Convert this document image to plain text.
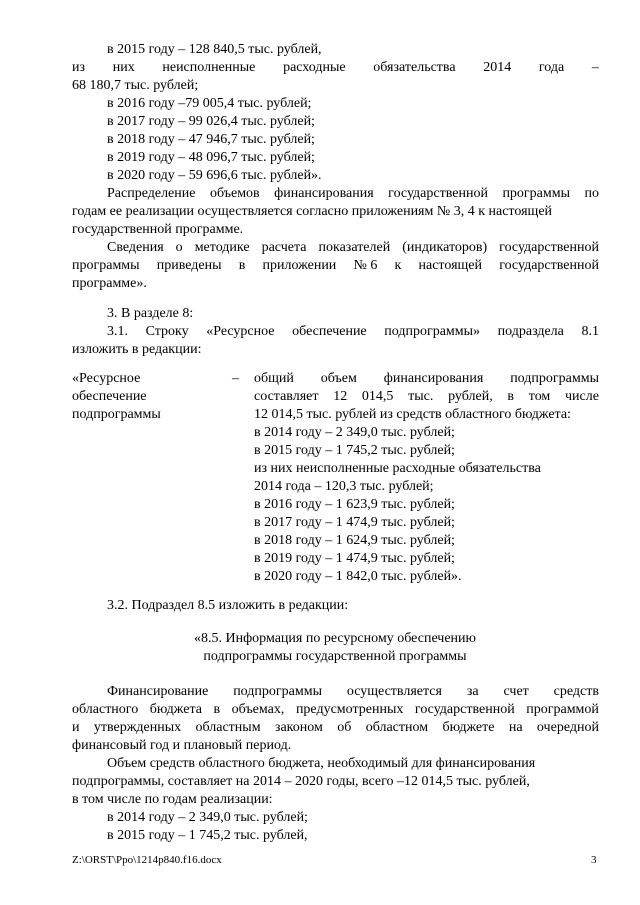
в 2015 году – 128 840,5 тыс. рублей,
из них неисполненные расходные обязательства 2014 года –
68 180,7 тыс. рублей;
в 2016 году –79 005,4 тыс. рублей;
в 2017 году – 99 026,4 тыс. рублей;
в 2018 году – 47 946,7 тыс. рублей;
в 2019 году – 48 096,7 тыс. рублей;
в 2020 году – 59 696,6 тыс. рублей».
Распределение объемов финансирования государственной программы по
годам ее реализации осуществляется согласно приложениям № 3, 4 к настоящей
государственной программе.
Сведения о методике расчета показателей (индикаторов) государственной
программы приведены в приложении № 6 к настоящей государственной
программе».
3. В разделе 8:
3.1. Строку «Ресурсное обеспечение подпрограммы» подраздела 8.1
изложить в редакции:
«Ресурсное
обеспечение
подпрограммы
–	общий объем финансирования подпрограммы
составляет 12 014,5 тыс. рублей, в том числе
12 014,5 тыс. рублей из средств областного бюджета:
в 2014 году – 2 349,0 тыс. рублей;
в 2015 году – 1 745,2 тыс. рублей;
из них неисполненные расходные обязательства
2014 года – 120,3 тыс. рублей;
в 2016 году – 1 623,9 тыс. рублей;
в 2017 году – 1 474,9 тыс. рублей;
в 2018 году – 1 624,9 тыс. рублей;
в 2019 году – 1 474,9 тыс. рублей;
в 2020 году – 1 842,0 тыс. рублей».
3.2. Подраздел 8.5 изложить в редакции:
«8.5. Информация по ресурсному обеспечению
подпрограммы государственной программы
Финансирование подпрограммы осуществляется за счет средств
областного бюджета в объемах, предусмотренных государственной программой
и утвержденных областным законом об областном бюджете на очередной
финансовый год и плановый период.
Объем средств областного бюджета, необходимый для финансирования
подпрограммы, составляет на 2014 – 2020 годы, всего –12 014,5 тыс. рублей,
в том числе по годам реализации:
в 2014 году – 2 349,0 тыс. рублей;
в 2015 году – 1 745,2 тыс. рублей,
Z:\ORST\Ppo\1214p840.f16.docx	3
